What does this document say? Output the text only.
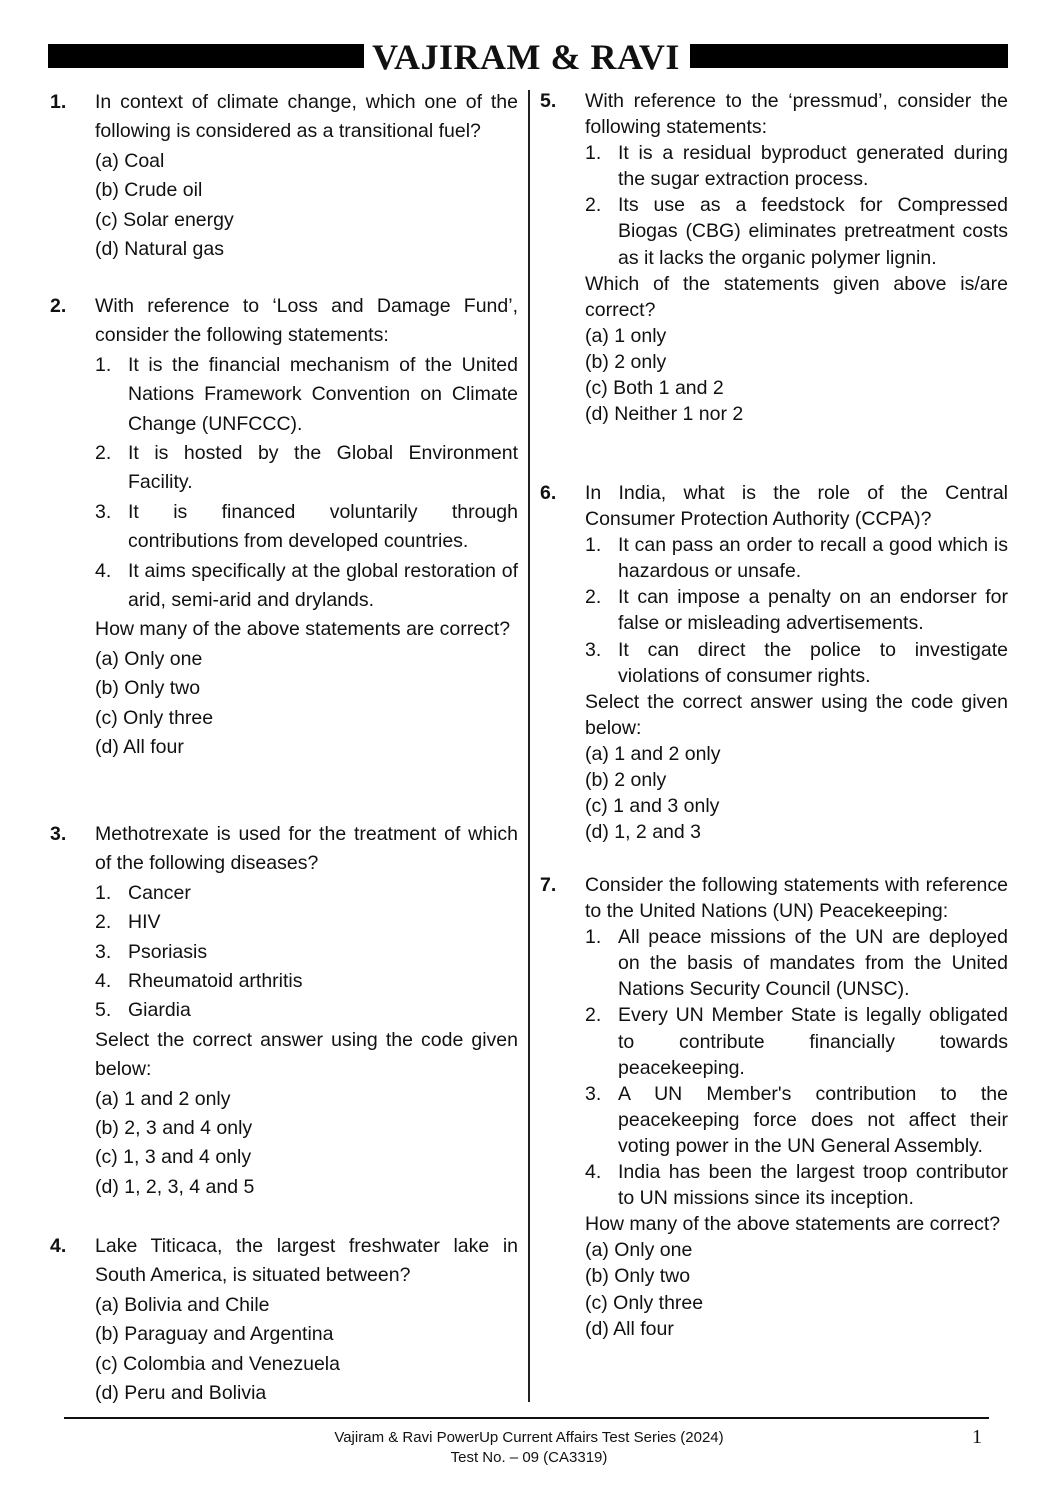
VAJIRAM & RAVI
1.	In context of climate change, which one of the following is considered as a transitional fuel?
(a) Coal
(b) Crude oil
(c) Solar energy
(d) Natural gas
2.	With reference to ‘Loss and Damage Fund’, consider the following statements:
1. It is the financial mechanism of the United Nations Framework Convention on Climate Change (UNFCCC).
2. It is hosted by the Global Environment Facility.
3. It is financed voluntarily through contributions from developed countries.
4. It aims specifically at the global restoration of arid, semi-arid and drylands.
How many of the above statements are correct?
(a) Only one
(b) Only two
(c) Only three
(d) All four
3.	Methotrexate is used for the treatment of which of the following diseases?
1. Cancer
2. HIV
3. Psoriasis
4. Rheumatoid arthritis
5. Giardia
Select the correct answer using the code given below:
(a) 1 and 2 only
(b) 2, 3 and 4 only
(c) 1, 3 and 4 only
(d) 1, 2, 3, 4 and 5
4.	Lake Titicaca, the largest freshwater lake in South America, is situated between?
(a) Bolivia and Chile
(b) Paraguay and Argentina
(c) Colombia and Venezuela
(d) Peru and Bolivia
5.	With reference to the ‘pressmud’, consider the following statements:
1. It is a residual byproduct generated during the sugar extraction process.
2. Its use as a feedstock for Compressed Biogas (CBG) eliminates pretreatment costs as it lacks the organic polymer lignin.
Which of the statements given above is/are correct?
(a) 1 only
(b) 2 only
(c) Both 1 and 2
(d) Neither 1 nor 2
6.	In India, what is the role of the Central Consumer Protection Authority (CCPA)?
1. It can pass an order to recall a good which is hazardous or unsafe.
2. It can impose a penalty on an endorser for false or misleading advertisements.
3. It can direct the police to investigate violations of consumer rights.
Select the correct answer using the code given below:
(a) 1 and 2 only
(b) 2 only
(c) 1 and 3 only
(d) 1, 2 and 3
7.	Consider the following statements with reference to the United Nations (UN) Peacekeeping:
1. All peace missions of the UN are deployed on the basis of mandates from the United Nations Security Council (UNSC).
2. Every UN Member State is legally obligated to contribute financially towards peacekeeping.
3. A UN Member's contribution to the peacekeeping force does not affect their voting power in the UN General Assembly.
4. India has been the largest troop contributor to UN missions since its inception.
How many of the above statements are correct?
(a) Only one
(b) Only two
(c) Only three
(d) All four
Vajiram & Ravi PowerUp Current Affairs Test Series (2024)
Test No. – 09 (CA3319)
1
